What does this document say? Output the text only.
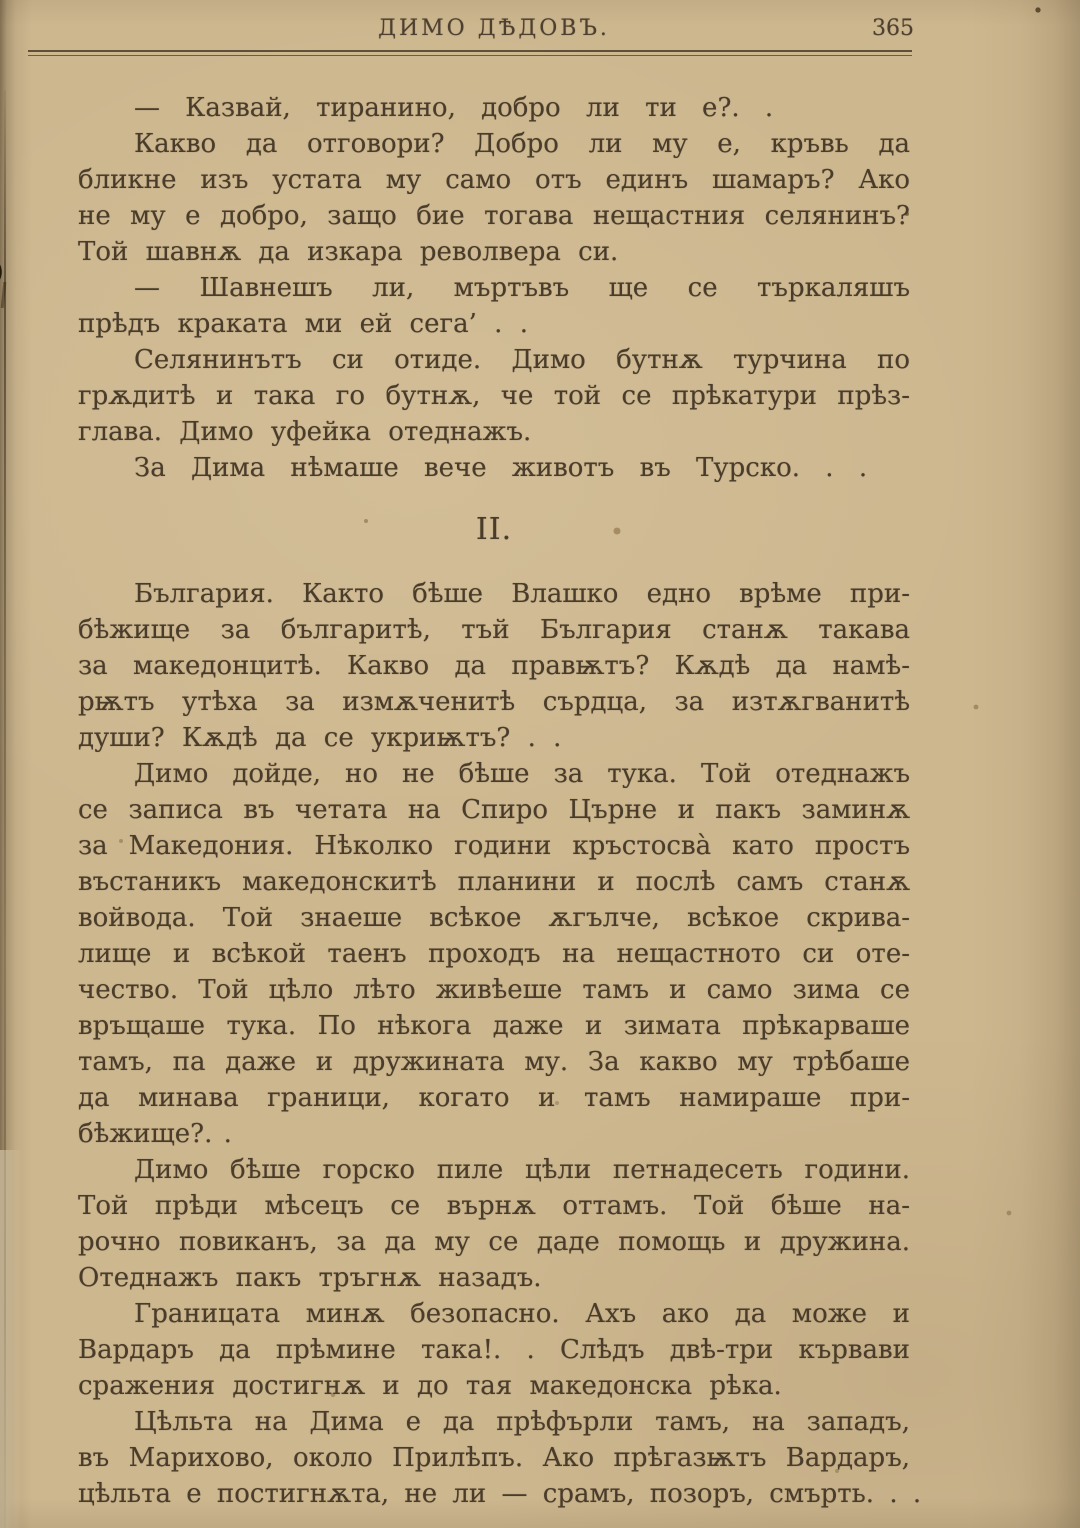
ДИМО ДѢДОВЪ.	365
— Казвай, тиранино, добро ли ти е?. .
Какво да отговори? Добро ли му е, кръвь да
бликне изъ устата му само отъ единъ шамаръ? Ако
не му е добро, защо бие тогава нещастния селянинъ?
Той шавнѫ да изкара револвера си.
— Шавнешъ ли, мъртъвъ ще се търкаляшъ
прѣдъ краката ми ей сега’ . .
Селянинътъ си отиде. Димо бутнѫ турчина по
грѫдитѣ и така го бутнѫ, че той се прѣкатури прѣз-
глава. Димо уфейка отеднажъ.
За Дима нѣмаше вече животъ въ Турско. . .
II.
България. Както бѣше Влашко едно врѣме при-
бѣжище за българитѣ, тъй България станѫ такава
за македонцитѣ. Какво да правѭтъ? Кѫдѣ да намѣ-
рѭтъ утѣха за измѫченитѣ сърдца, за изтѫгванитѣ
души? Кѫдѣ да се укриѭтъ? . .
Димо дойде, но не бѣше за тука. Той отеднажъ
се записа въ четата на Спиро Църне и пакъ заминѫ
за Македония. Нѣколко години кръстосва̀ като простъ
въстаникъ македонскитѣ планини и послѣ самъ станѫ
войвода. Той знаеше всѣкое ѫгълче, всѣкое скрива-
лище и всѣкой таенъ проходъ на нещастното си оте-
чество. Той цѣло лѣто живѣеше тамъ и само зима се
връщаше тука. По нѣкога даже и зимата прѣкарваше
тамъ, па даже и дружината му. За какво му трѣбаше
да минава граници, когато и тамъ намираше при-
бѣжище?. .
Димо бѣше горско пиле цѣли петнадесеть години.
Той прѣди мѣсецъ се върнѫ оттамъ. Той бѣше на-
рочно повиканъ, за да му се даде помощь и дружина.
Отеднажъ пакъ тръгнѫ назадъ.
Границата минѫ безопасно. Ахъ ако да може и
Вардаръ да прѣмине така!. . Слѣдъ двѣ-три кървави
сражения достигнѫ и до тая македонска рѣка.
Цѣльта на Дима е да прѣфърли тамъ, на западъ,
въ Марихово, около Прилѣпъ. Ако прѣгазѭтъ Вардаръ,
цѣльта е постигнѫта, не ли — срамъ, позоръ, смърть. . .
